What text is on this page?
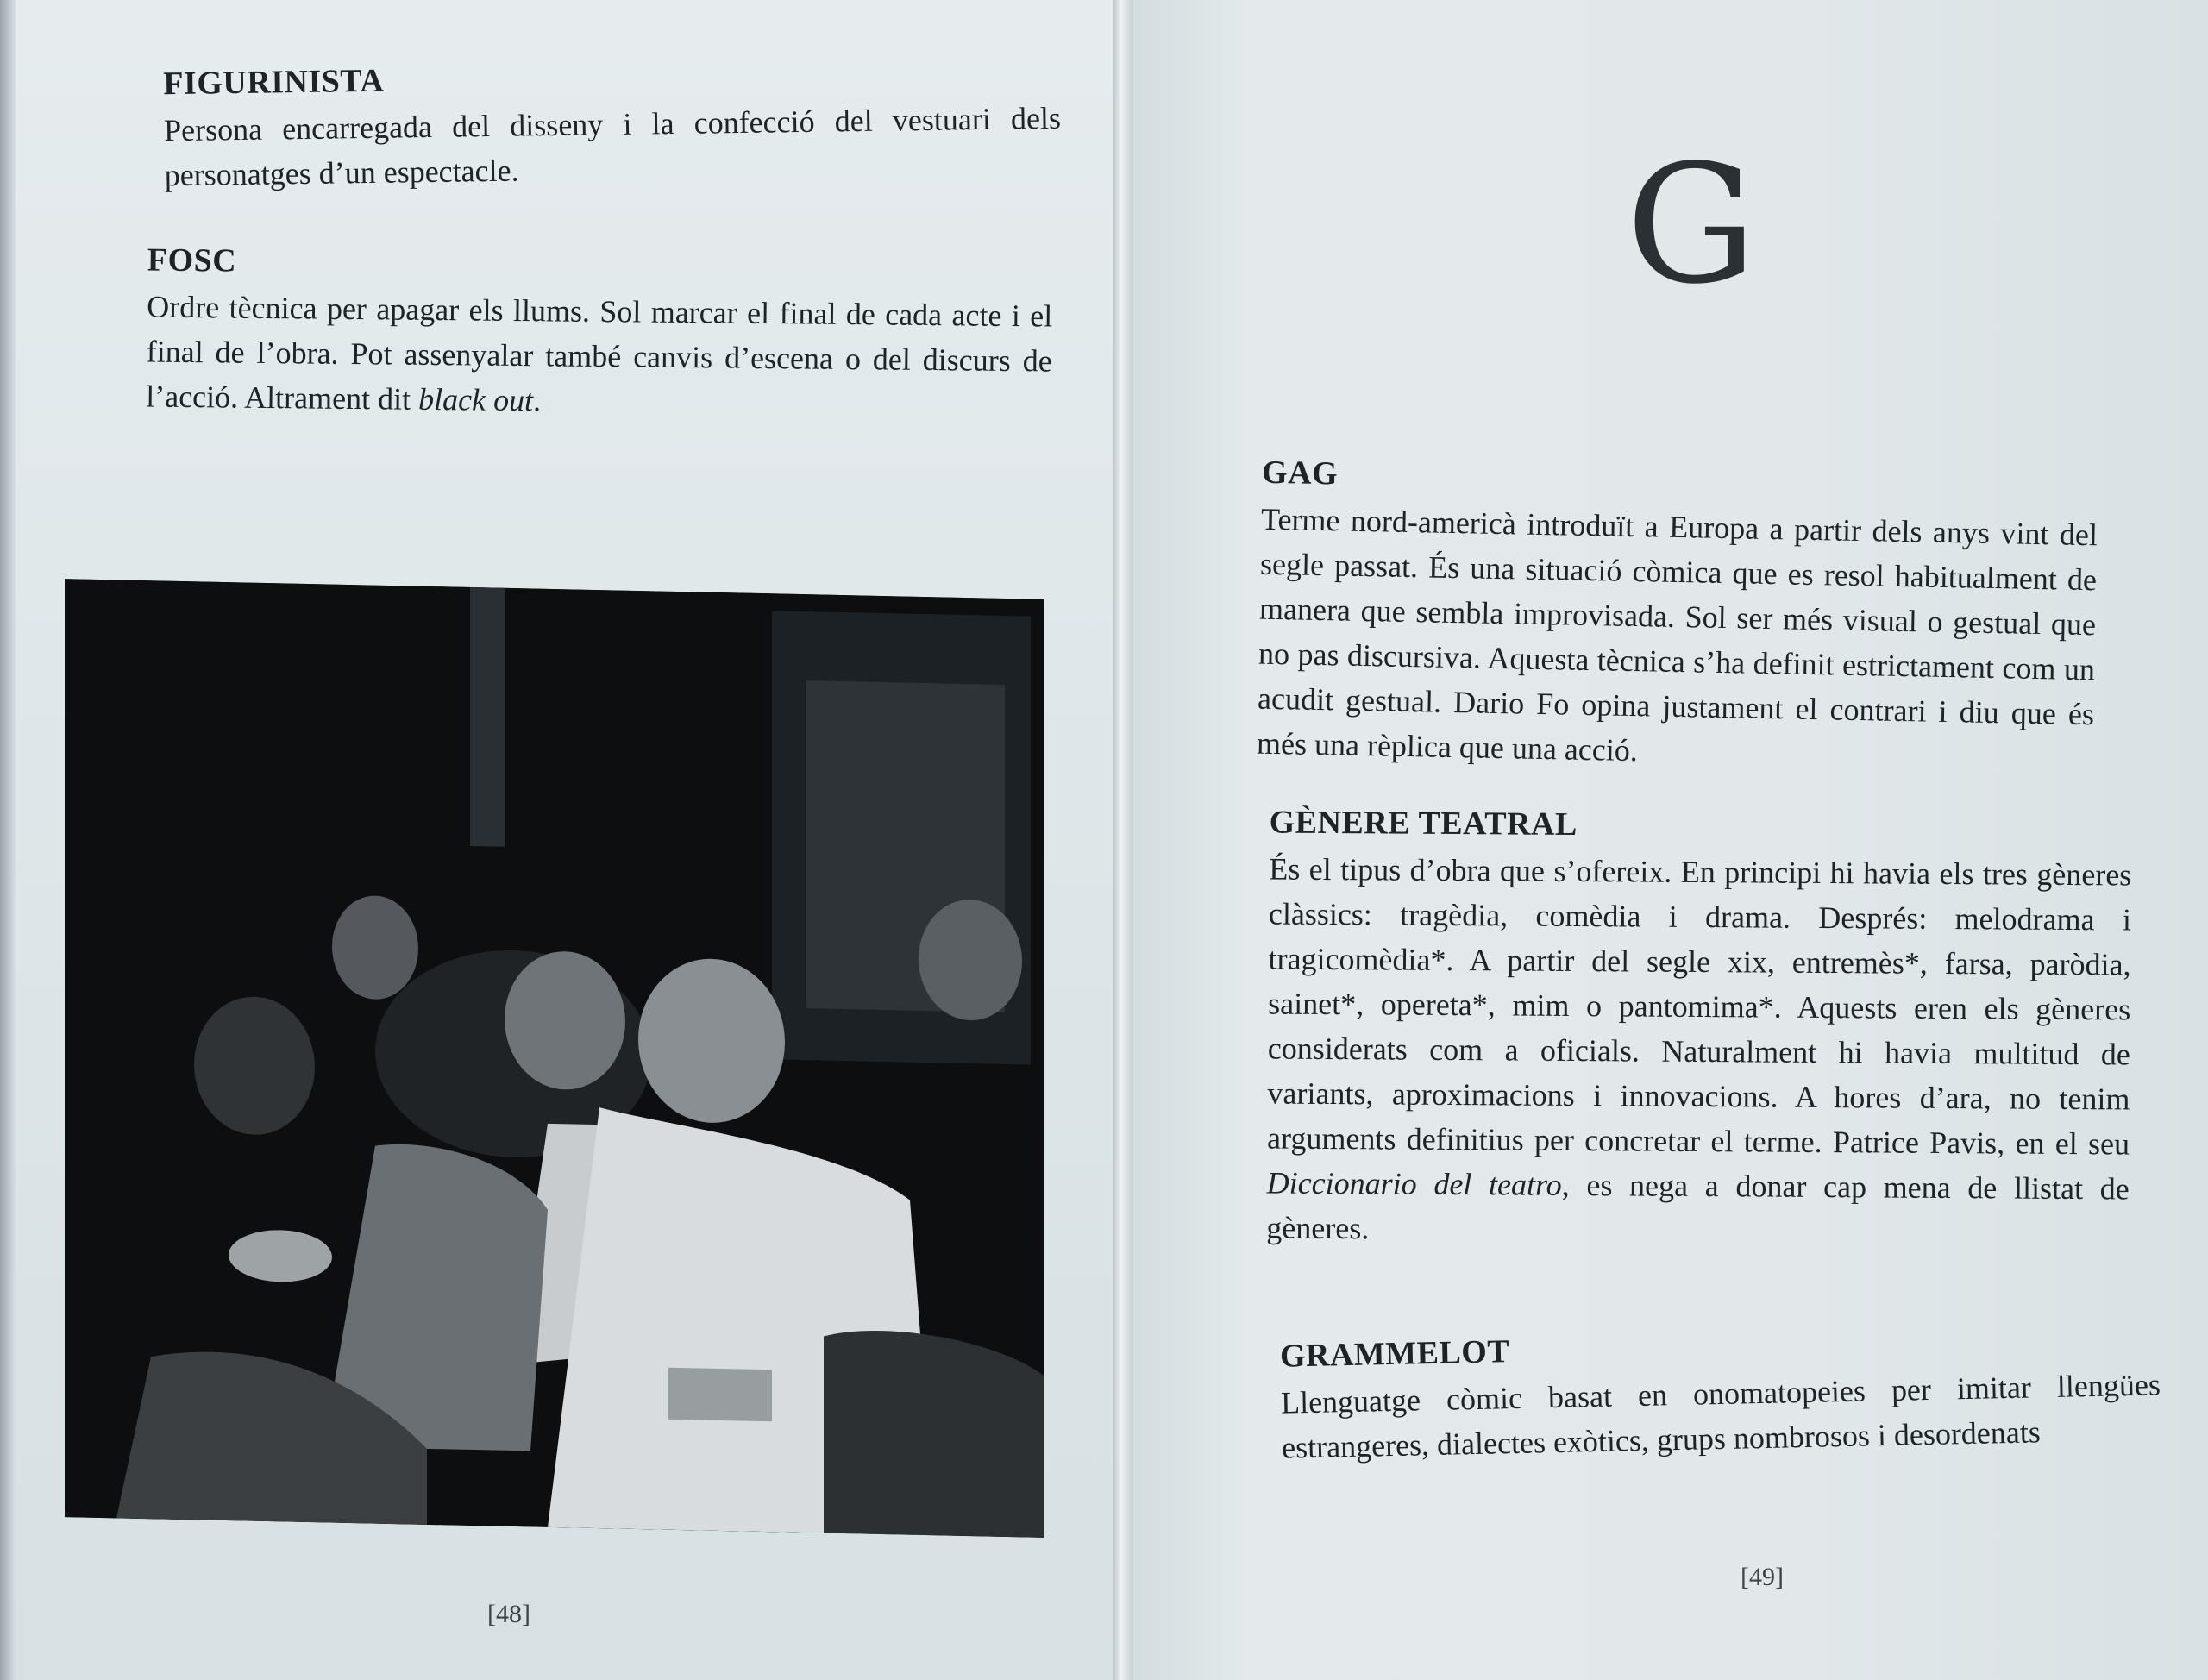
FIGURINISTA
Persona encarregada del disseny i la confecció del vestuari dels personatges d’un espectacle.
FOSC
Ordre tècnica per apagar els llums. Sol marcar el final de cada acte i el final de l’obra. Pot assenyalar també canvis d’escena o del discurs de l’acció. Altrament dit black out.
[48]
G
GAG
Terme nord-americà introduït a Europa a partir dels anys vint del segle passat. És una situació còmica que es resol habitualment de manera que sembla improvisada. Sol ser més visual o gestual que no pas discursiva. Aquesta tècnica s’ha definit estrictament com un acudit gestual. Dario Fo opina justament el contrari i diu que és més una rèplica que una acció.
GÈNERE TEATRAL
És el tipus d’obra que s’ofereix. En principi hi havia els tres gèneres clàssics: tragèdia, comèdia i drama. Després: melodrama i tragicomèdia*. A partir del segle xix, entremès*, farsa, paròdia, sainet*, opereta*, mim o pantomima*. Aquests eren els gèneres considerats com a oficials. Naturalment hi havia multitud de variants, aproximacions i innovacions. A hores d’ara, no tenim arguments definitius per concretar el terme. Patrice Pavis, en el seu Diccionario del teatro, es nega a donar cap mena de llistat de gèneres.
GRAMMELOT
Llenguatge còmic basat en onomatopeies per imitar llengües estrangeres, dialectes exòtics, grups nombrosos i desordenats
[49]
